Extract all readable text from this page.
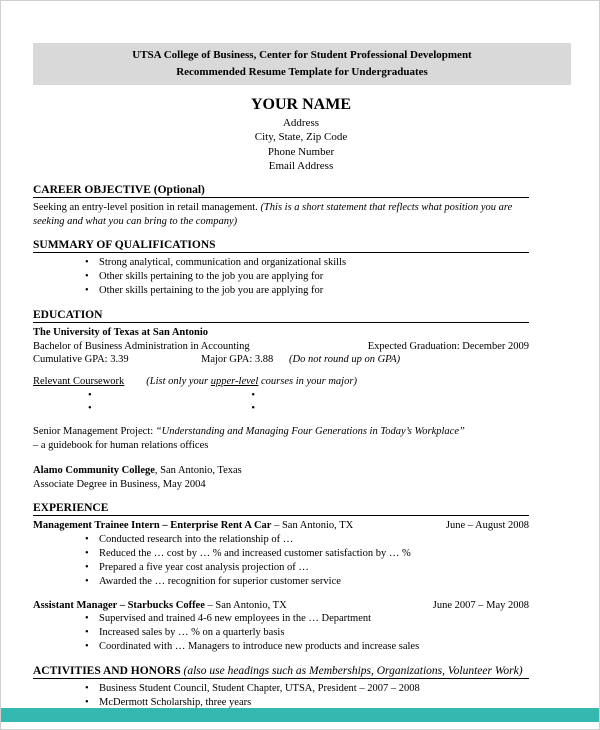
UTSA College of Business, Center for Student Professional Development
Recommended Resume Template for Undergraduates
YOUR NAME
Address
City, State, Zip Code
Phone Number
Email Address
CAREER OBJECTIVE (Optional)
Seeking an entry-level position in retail management. (This is a short statement that reflects what position you are seeking and what you can bring to the company)
SUMMARY OF QUALIFICATIONS
• Strong analytical, communication and organizational skills
• Other skills pertaining to the job you are applying for
• Other skills pertaining to the job you are applying for
EDUCATION
The University of Texas at San Antonio
Bachelor of Business Administration in Accounting	Expected Graduation: December 2009
Cumulative GPA: 3.39	Major GPA: 3.88 (Do not round up on GPA)
Relevant Coursework (List only your upper-level courses in your major)
•	•
•	•
Senior Management Project: “Understanding and Managing Four Generations in Today’s Workplace”
– a guidebook for human relations offices
Alamo Community College, San Antonio, Texas
Associate Degree in Business, May 2004
EXPERIENCE
Management Trainee Intern – Enterprise Rent A Car – San Antonio, TX	June – August 2008
• Conducted research into the relationship of …
• Reduced the … cost by … % and increased customer satisfaction by … %
• Prepared a five year cost analysis projection of …
• Awarded the … recognition for superior customer service
Assistant Manager – Starbucks Coffee – San Antonio, TX	June 2007 – May 2008
• Supervised and trained 4-6 new employees in the … Department
• Increased sales by … % on a quarterly basis
• Coordinated with … Managers to introduce new products and increase sales
ACTIVITIES AND HONORS (also use headings such as Memberships, Organizations, Volunteer Work)
• Business Student Council, Student Chapter, UTSA, President – 2007 – 2008
• McDermott Scholarship, three years
